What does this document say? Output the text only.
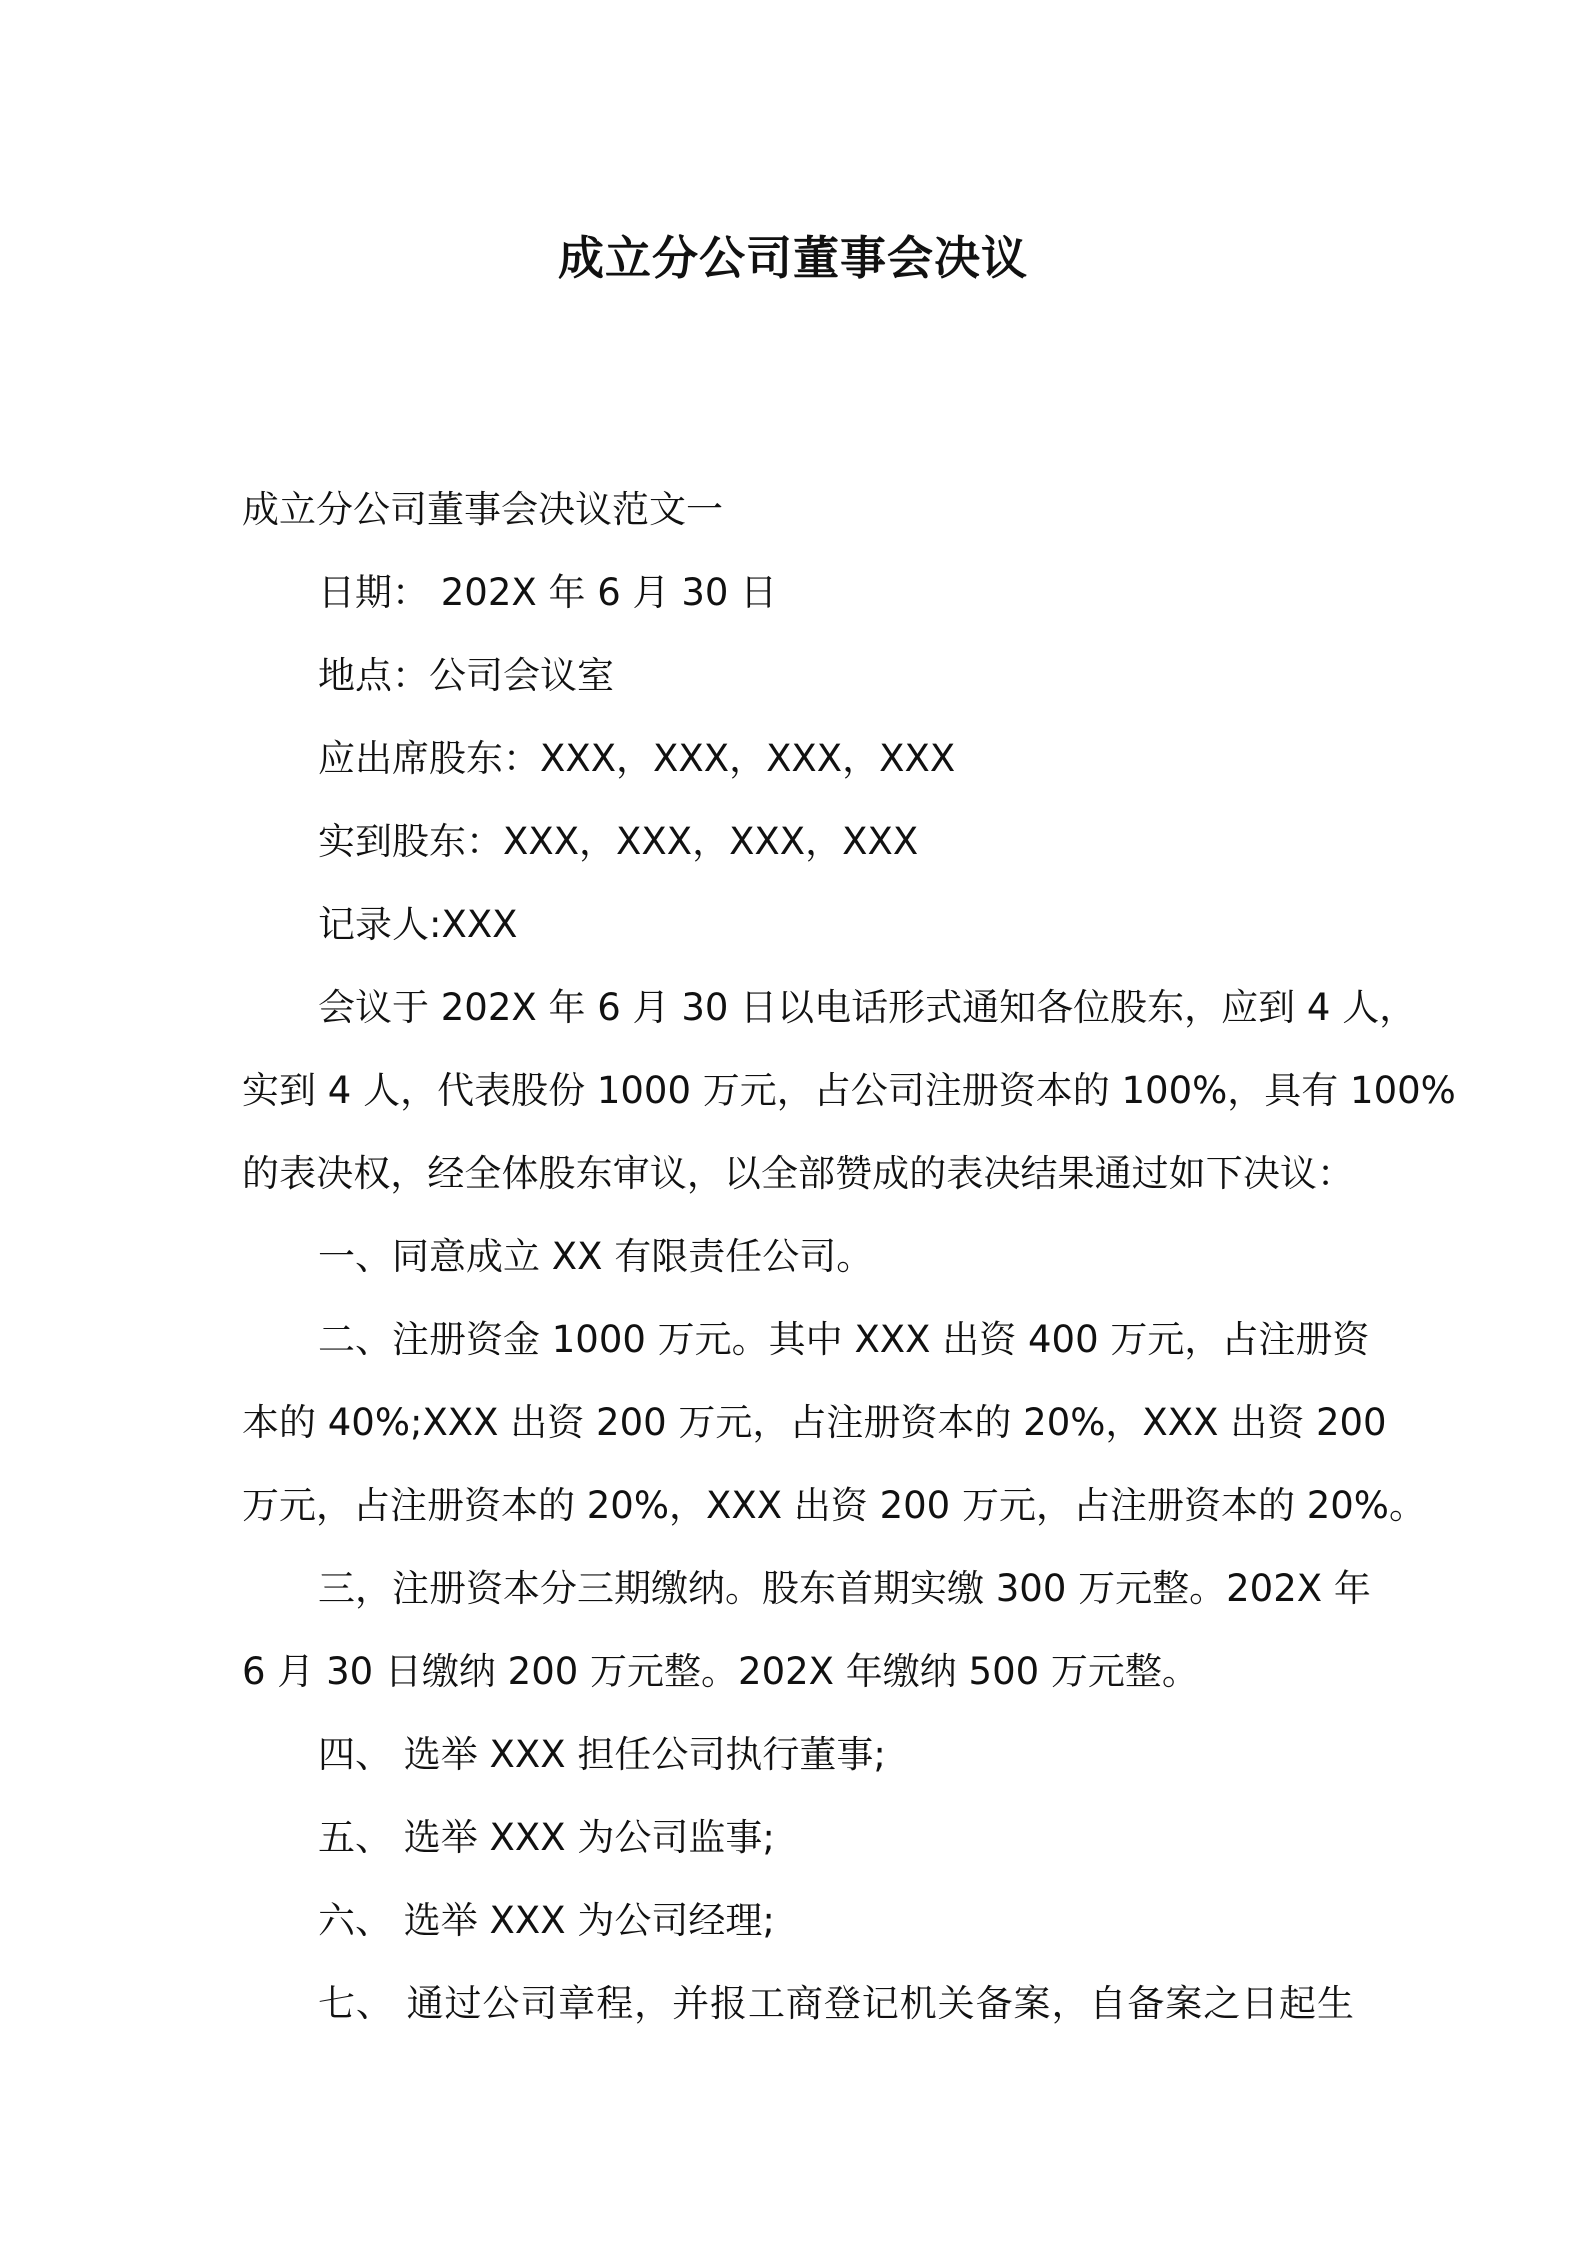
成立分公司董事会决议
成立分公司董事会决议范文一
日期： 202X 年 6 月 30 日
地点：公司会议室
应出席股东：XXX，XXX，XXX，XXX
实到股东：XXX，XXX，XXX，XXX
记录人:XXX
会议于 202X 年 6 月 30 日以电话形式通知各位股东，应到 4 人，
实到 4 人，代表股份 1000 万元，占公司注册资本的 100%，具有 100%
的表决权，经全体股东审议，以全部赞成的表决结果通过如下决议：
一、同意成立 XX 有限责任公司。
二、注册资金 1000 万元。其中 XXX 出资 400 万元，占注册资
本的 40%;XXX 出资 200 万元，占注册资本的 20%，XXX 出资 200
万元，占注册资本的 20%，XXX 出资 200 万元，占注册资本的 20%。
三，注册资本分三期缴纳。股东首期实缴 300 万元整。202X 年
6 月 30 日缴纳 200 万元整。202X 年缴纳 500 万元整。
四、 选举 XXX 担任公司执行董事;
五、 选举 XXX 为公司监事;
六、 选举 XXX 为公司经理;
七、 通过公司章程，并报工商登记机关备案，自备案之日起生
